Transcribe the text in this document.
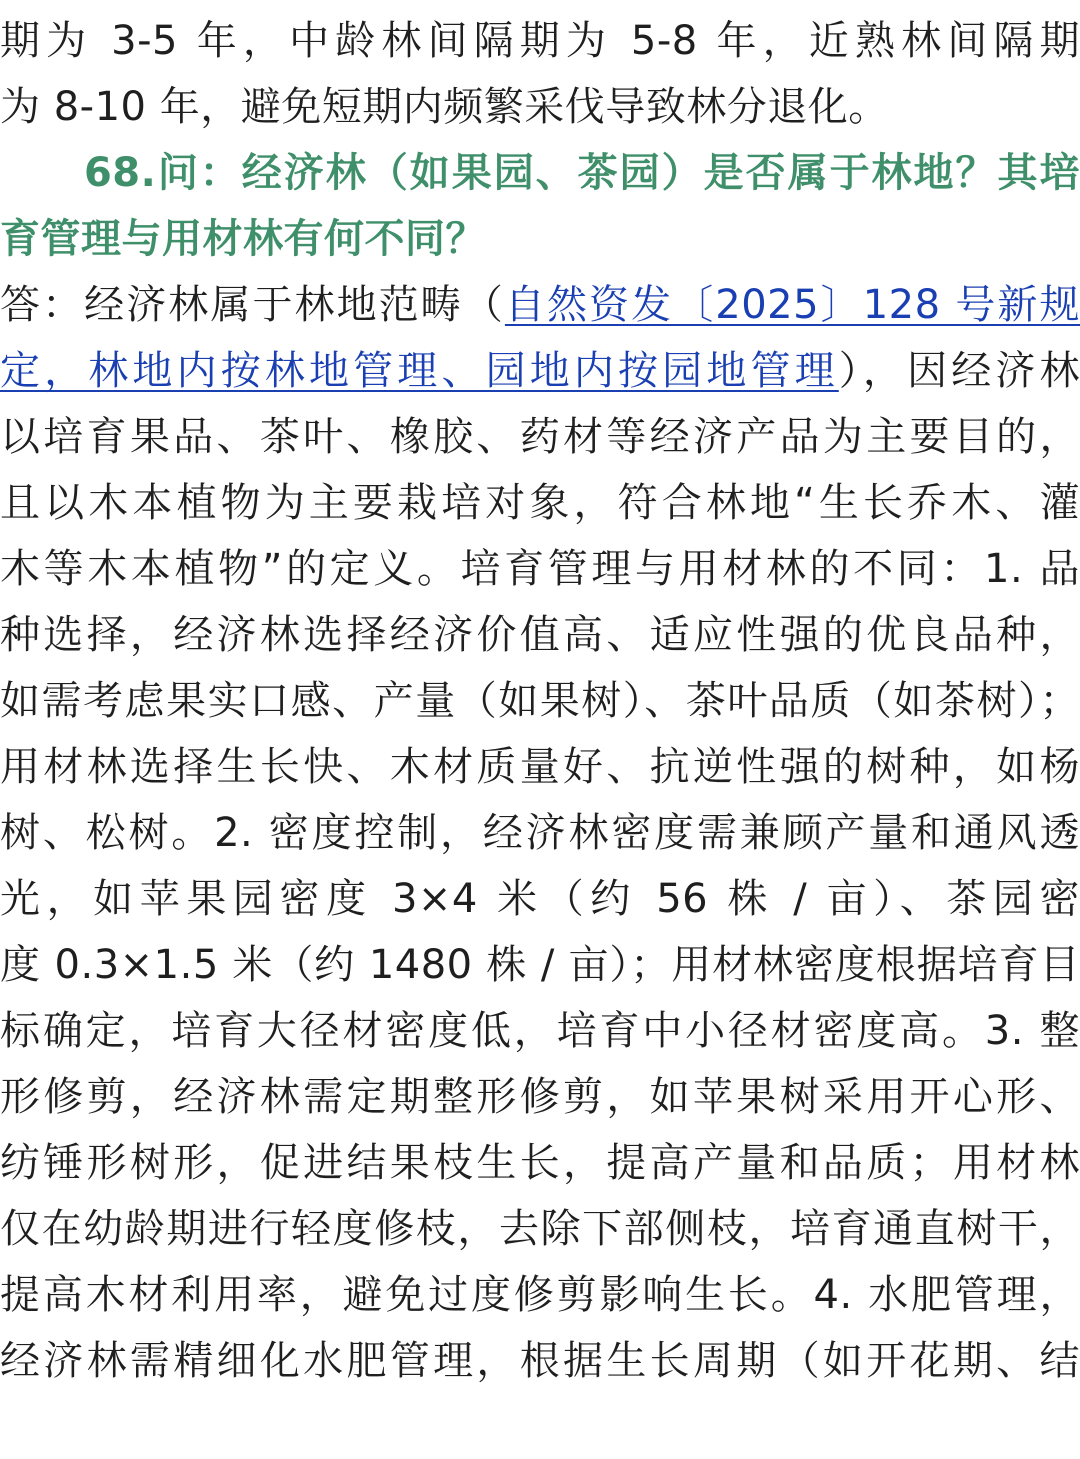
期为 3-5 年，中龄林间隔期为 5-8 年，近熟林间隔期
为 8-10 年，避免短期内频繁采伐导致林分退化。
　　68.问：经济林（如果园、茶园）是否属于林地？其培
育管理与用材林有何不同？
答：经济林属于林地范畴（自然资发〔2025〕128 号新规
定，林地内按林地管理、园地内按园地管理），因经济林
以培育果品、茶叶、橡胶、药材等经济产品为主要目的，
且以木本植物为主要栽培对象，符合林地“生长乔木、灌
木等木本植物”的定义。培育管理与用材林的不同：1. 品
种选择，经济林选择经济价值高、适应性强的优良品种，
如需考虑果实口感、产量（如果树）、茶叶品质（如茶树）；
用材林选择生长快、木材质量好、抗逆性强的树种，如杨
树、松树。2. 密度控制，经济林密度需兼顾产量和通风透
光，如苹果园密度 3×4 米（约 56 株 / 亩）、茶园密
度 0.3×1.5 米（约 1480 株 / 亩）；用材林密度根据培育目
标确定，培育大径材密度低，培育中小径材密度高。3. 整
形修剪，经济林需定期整形修剪，如苹果树采用开心形、
纺锤形树形，促进结果枝生长，提高产量和品质；用材林
仅在幼龄期进行轻度修枝，去除下部侧枝，培育通直树干，
提高木材利用率，避免过度修剪影响生长。4. 水肥管理，
经济林需精细化水肥管理，根据生长周期（如开花期、结
